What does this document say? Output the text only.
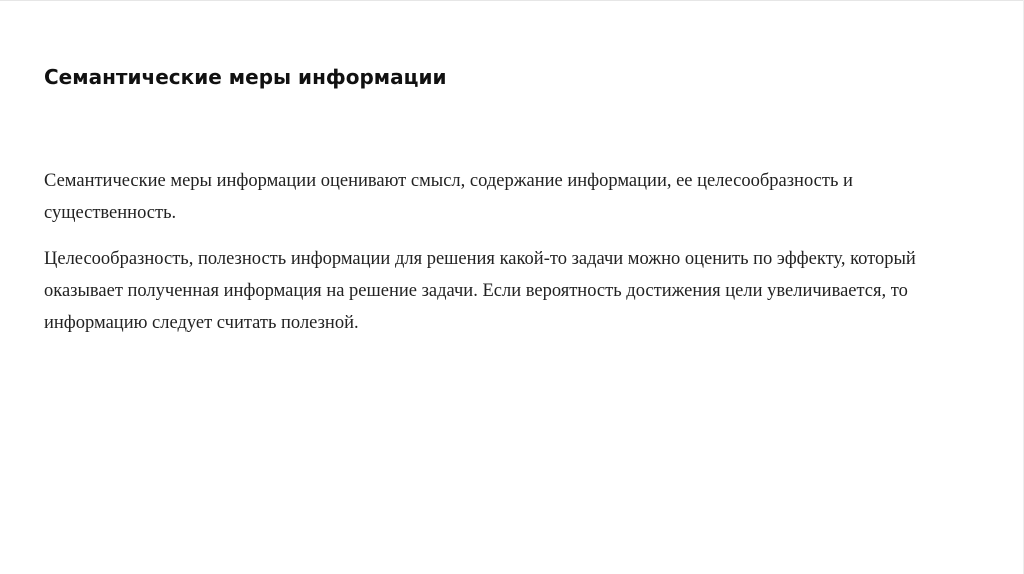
Семантические меры информации

Семантические меры информации оценивают смысл, содержание информации, ее целесообразность и существенность.

Целесообразность, полезность информации для решения какой-то задачи можно оценить по эффекту, который оказывает полученная информация на решение задачи. Если вероятность достижения цели увеличивается, то информацию следует считать полезной.
